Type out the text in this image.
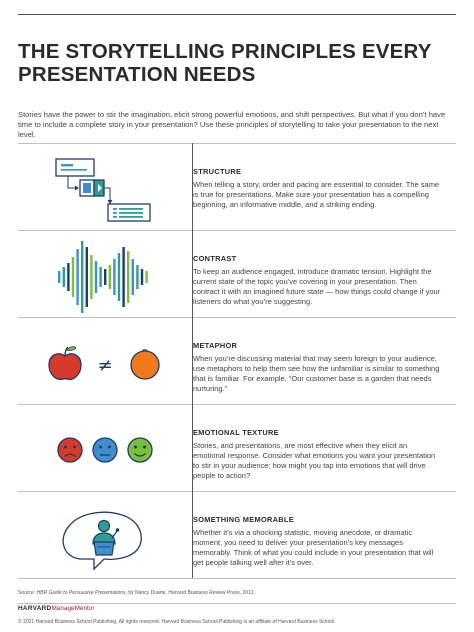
THE STORYTELLING PRINCIPLES EVERY
PRESENTATION NEEDS

Stories have the power to stir the imagination, elicit strong powerful emotions, and shift perspectives. But what if you don’t have time to include a complete story in your presentation? Use these principles of storytelling to take your presentation to the next level.

STRUCTURE
When telling a story, order and pacing are essential to consider. The same is true for presentations. Make sure your presentation has a compelling beginning, an informative middle, and a striking ending.
CONTRAST
To keep an audience engaged, introduce dramatic tension. Highlight the current state of the topic you’ve covering in your presentation. Then contract it with an imagined future state — how things could change if your listeners do what you’re suggesting.
≠
METAPHOR
When you’re discussing material that may seem foreign to your audience, use metaphors to help them see how the unfamiliar is similar to something that is familiar. For example, “Our customer base is a garden that needs nurturing.”
EMOTIONAL TEXTURE
Stories, and presentations, are most effective when they elicit an emotional response. Consider what emotions you want your presentation to stir in your audience; how might you tap into emotions that will drive people to action?
SOMETHING MEMORABLE
Whether it’s via a shocking statistic, moving anecdote, or dramatic moment, you need to deliver your presentation’s key messages memorably. Think of what you could include in your presentation that will get people talking well after it’s over.
Source: HBR Guide to Persuasive Presentations, by Nancy Duarte, Harvard Business Review Press, 2012.
HARVARDManageMentor
© 2021 Harvard Business School Publishing. All rights reserved. Harvard Business School Publishing is an affiliate of Harvard Business School.
